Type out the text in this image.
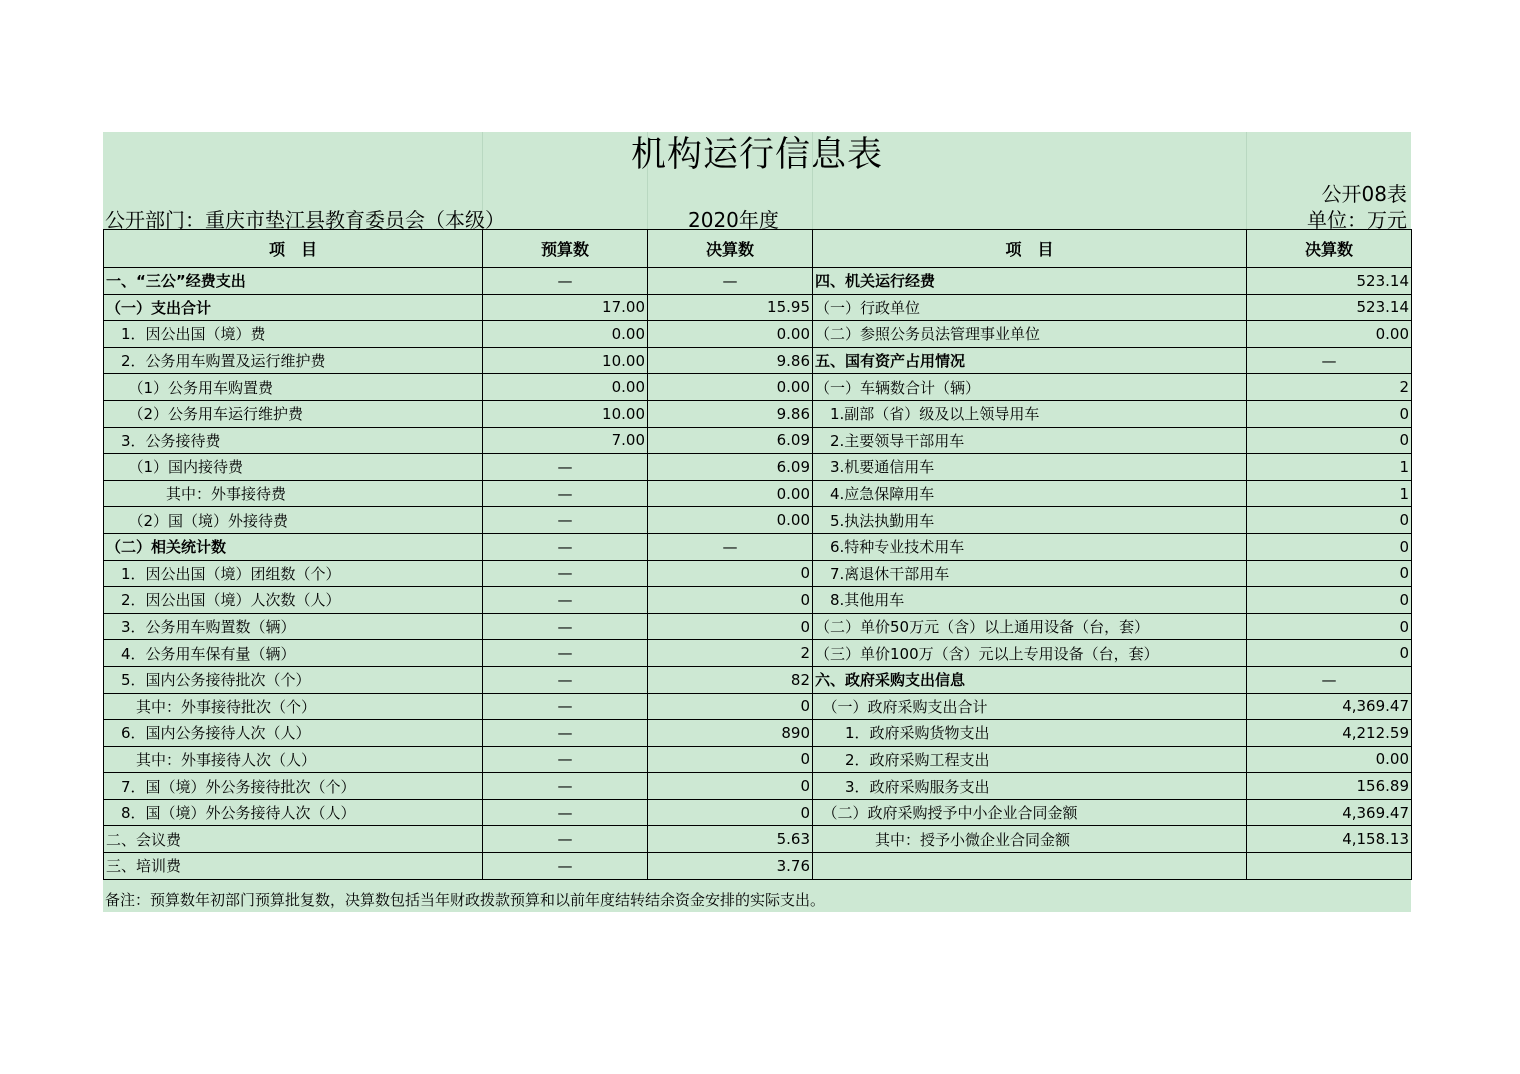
机构运行信息表
公开08表
公开部门：重庆市垫江县教育委员会（本级）	2020年度	单位：万元
项　目	预算数	决算数	项　目	决算数
一、“三公”经费支出	—	—	四、机关运行经费	523.14
（一）支出合计	17.00	15.95	（一）行政单位	523.14
　1．因公出国（境）费	0.00	0.00	（二）参照公务员法管理事业单位	0.00
　2．公务用车购置及运行维护费	10.00	9.86	五、国有资产占用情况	—
　　（1）公务用车购置费	0.00	0.00	（一）车辆数合计（辆）	2
　　（2）公务用车运行维护费	10.00	9.86	　1.副部（省）级及以上领导用车	0
　3．公务接待费	7.00	6.09	　2.主要领导干部用车	0
　　（1）国内接待费	—	6.09	　3.机要通信用车	1
　　　　其中：外事接待费	—	0.00	　4.应急保障用车	1
　　（2）国（境）外接待费	—	0.00	　5.执法执勤用车	0
（二）相关统计数	—	—	　6.特种专业技术用车	0
　1．因公出国（境）团组数（个）	—	0	　7.离退休干部用车	0
　2．因公出国（境）人次数（人）	—	0	　8.其他用车	0
　3．公务用车购置数（辆）	—	0	（二）单价50万元（含）以上通用设备（台，套）	0
　4．公务用车保有量（辆）	—	2	（三）单价100万（含）元以上专用设备（台，套）	0
　5．国内公务接待批次（个）	—	82	六、政府采购支出信息	—
　　其中：外事接待批次（个）	—	0	　（一）政府采购支出合计	4,369.47
　6．国内公务接待人次（人）	—	890	　　1．政府采购货物支出	4,212.59
　　其中：外事接待人次（人）	—	0	　　2．政府采购工程支出	0.00
　7．国（境）外公务接待批次（个）	—	0	　　3．政府采购服务支出	156.89
　8．国（境）外公务接待人次（人）	—	0	　（二）政府采购授予中小企业合同金额	4,369.47
二、会议费	—	5.63	　　　　其中：授予小微企业合同金额	4,158.13
三、培训费	—	3.76		
备注：预算数年初部门预算批复数，决算数包括当年财政拨款预算和以前年度结转结余资金安排的实际支出。
